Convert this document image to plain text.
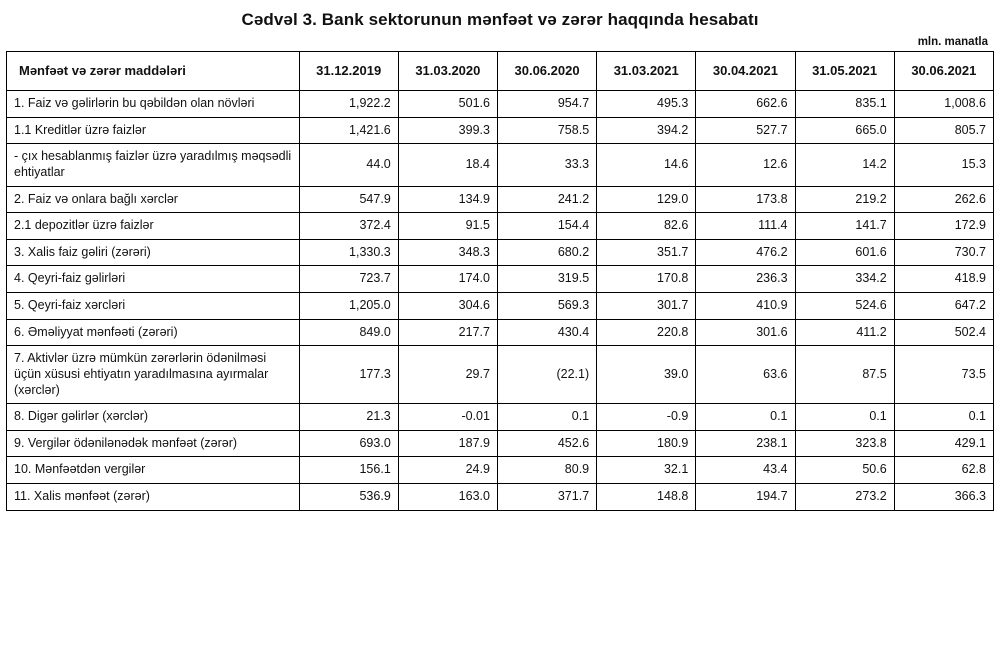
Cədvəl 3. Bank sektorunun mənfəət və zərər haqqında hesabatı
mln. manatla
Mənfəət və zərər maddələri	31.12.2019	31.03.2020	30.06.2020	31.03.2021	30.04.2021	31.05.2021	30.06.2021
1. Faiz və gəlirlərin bu qəbildən olan növləri	1,922.2	501.6	954.7	495.3	662.6	835.1	1,008.6
1.1 Kreditlər üzrə faizlər	1,421.6	399.3	758.5	394.2	527.7	665.0	805.7
- çıx hesablanmış faizlər üzrə yaradılmış məqsədli ehtiyatlar	44.0	18.4	33.3	14.6	12.6	14.2	15.3
2. Faiz və onlara bağlı xərclər	547.9	134.9	241.2	129.0	173.8	219.2	262.6
2.1 depozitlər üzrə faizlər	372.4	91.5	154.4	82.6	111.4	141.7	172.9
3. Xalis faiz gəliri (zərəri)	1,330.3	348.3	680.2	351.7	476.2	601.6	730.7
4. Qeyri-faiz gəlirləri	723.7	174.0	319.5	170.8	236.3	334.2	418.9
5. Qeyri-faiz xərcləri	1,205.0	304.6	569.3	301.7	410.9	524.6	647.2
6. Əməliyyat mənfəəti (zərəri)	849.0	217.7	430.4	220.8	301.6	411.2	502.4
7. Aktivlər üzrə mümkün zərərlərin ödənilməsi üçün xüsusi ehtiyatın yaradılmasına ayırmalar (xərclər)	177.3	29.7	(22.1)	39.0	63.6	87.5	73.5
8. Digər gəlirlər (xərclər)	21.3	-0.01	0.1	-0.9	0.1	0.1	0.1
9. Vergilər ödənilənədək mənfəət (zərər)	693.0	187.9	452.6	180.9	238.1	323.8	429.1
10. Mənfəətdən vergilər	156.1	24.9	80.9	32.1	43.4	50.6	62.8
11. Xalis mənfəət (zərər)	536.9	163.0	371.7	148.8	194.7	273.2	366.3
